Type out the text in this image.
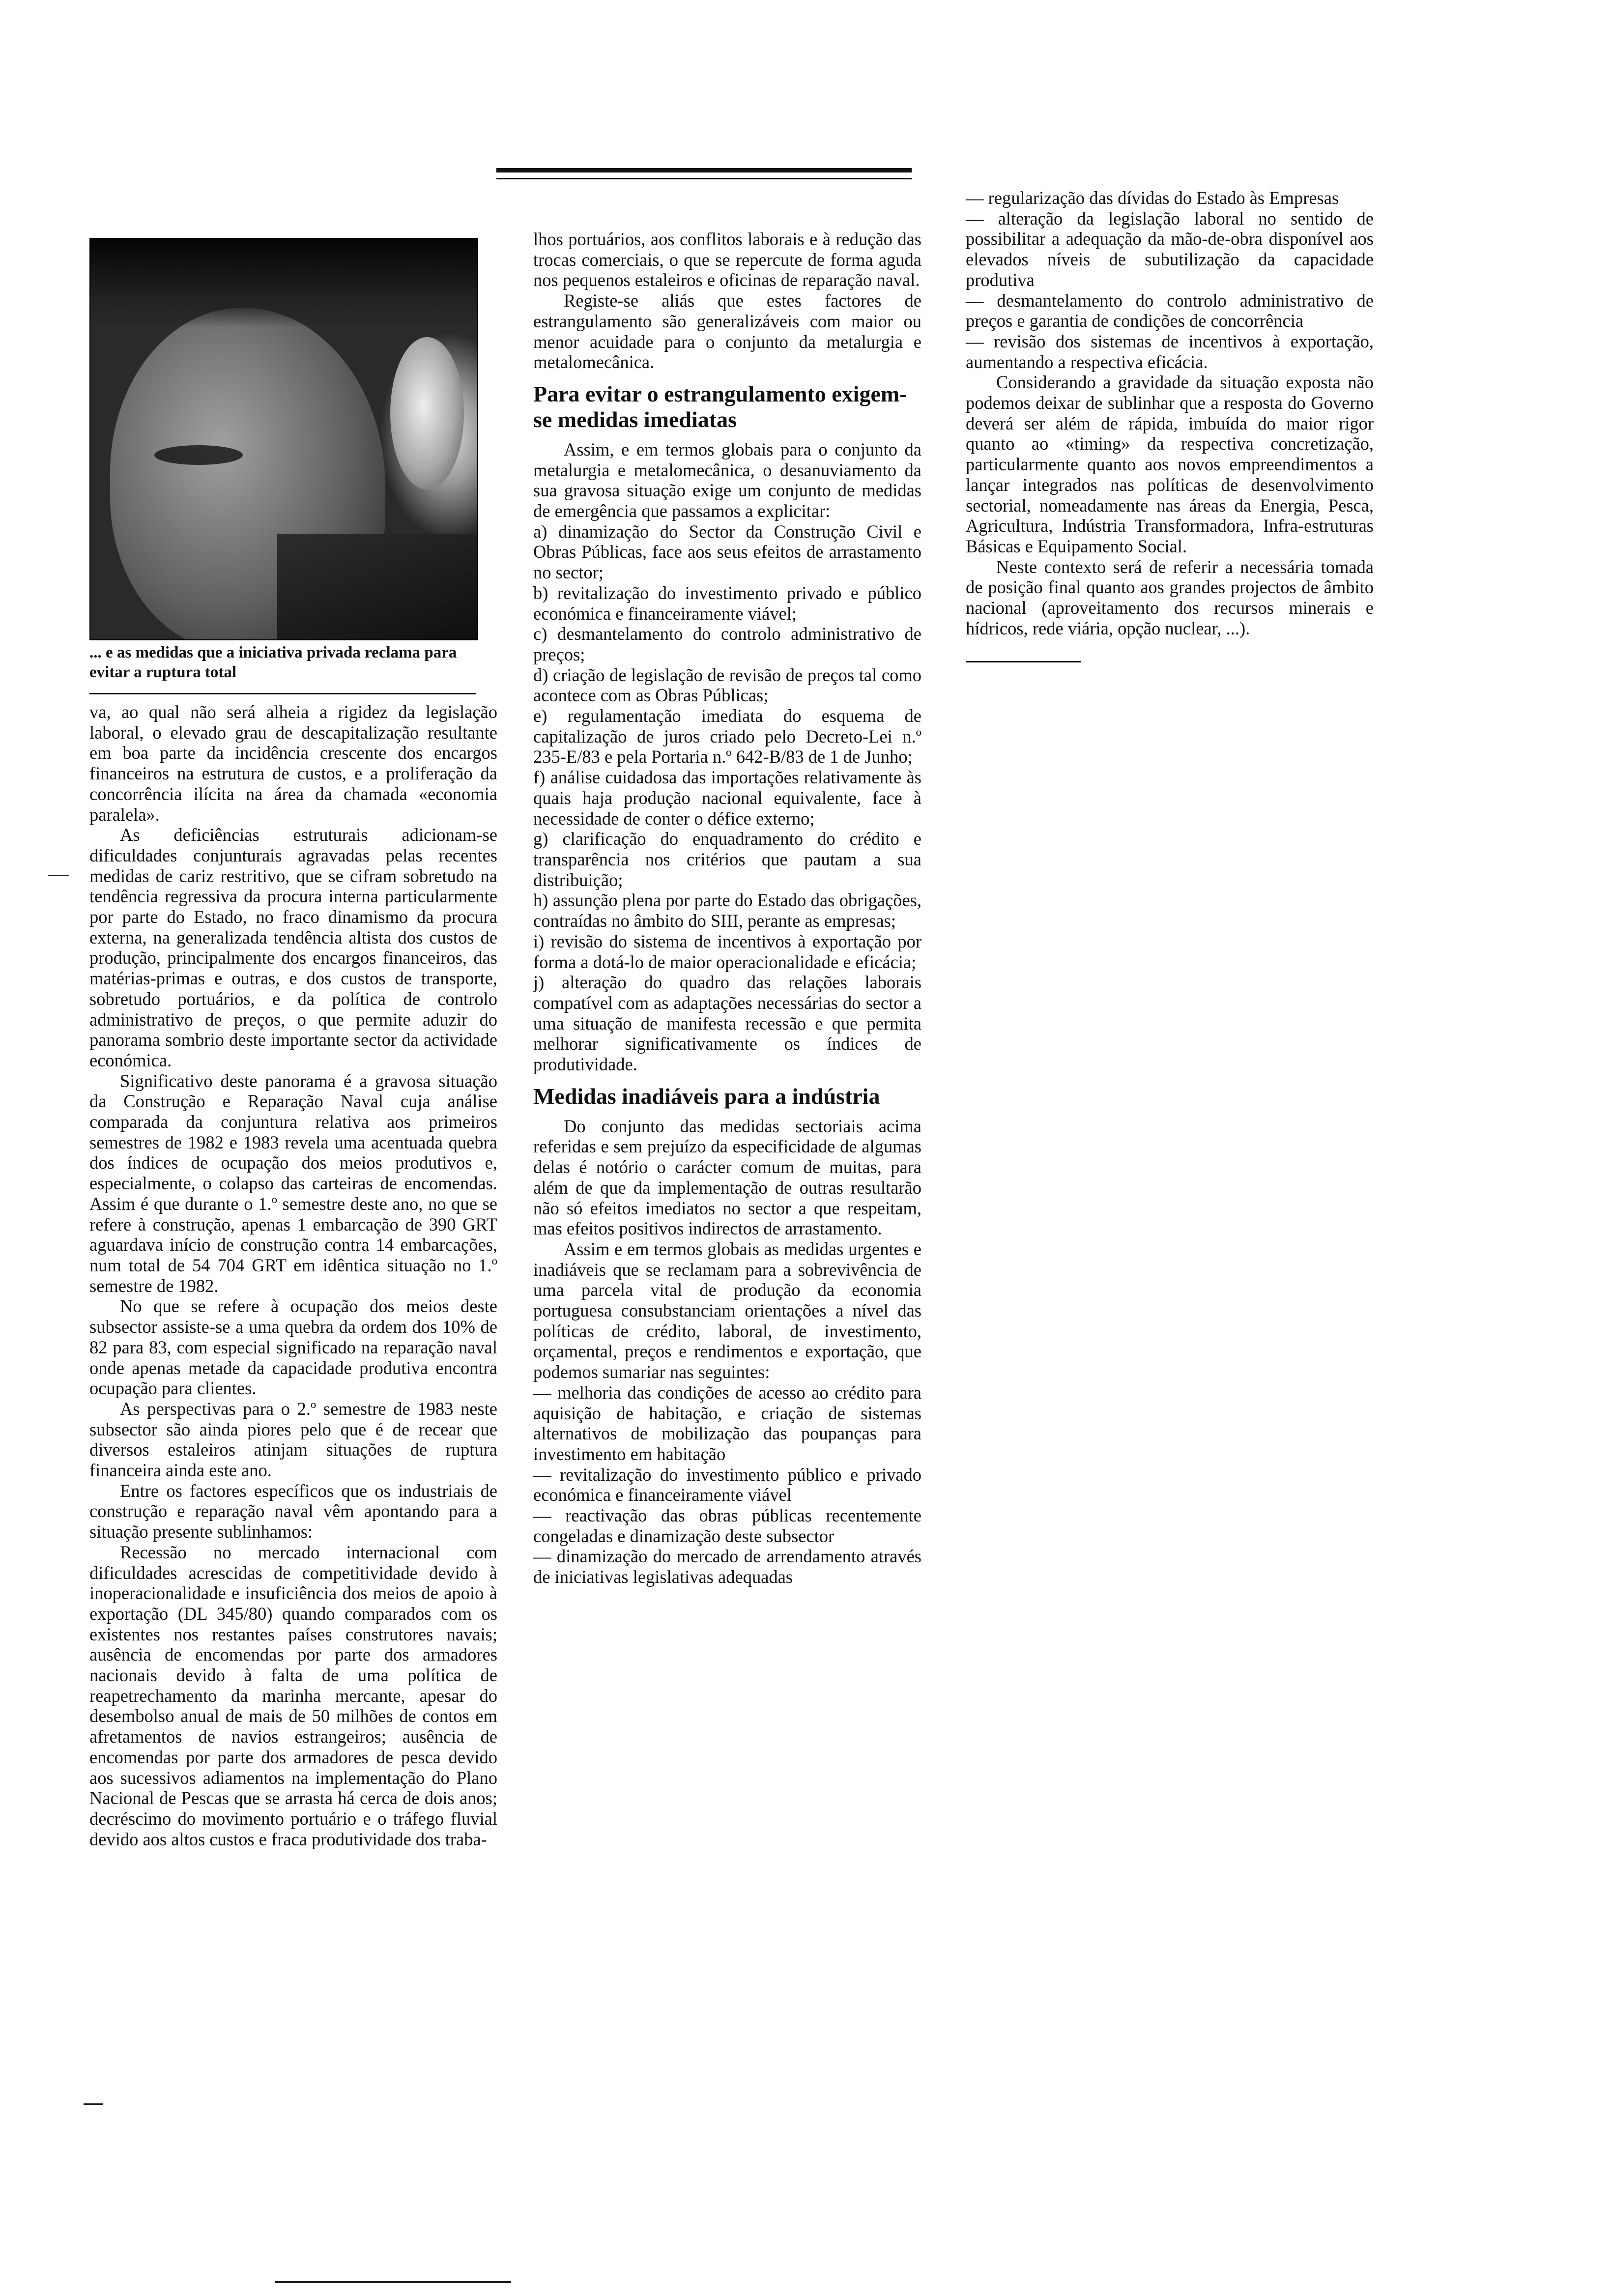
... e as medidas que a iniciativa privada reclama para evitar a ruptura total

va, ao qual não será alheia a rigidez da legislação laboral, o elevado grau de descapitalização resultante em boa parte da incidência crescente dos encargos financeiros na estrutura de custos, e a proliferação da concorrência ilícita na área da chamada «economia paralela».

As deficiências estruturais adicionam-se dificuldades conjunturais agravadas pelas recentes medidas de cariz restritivo, que se cifram sobretudo na tendência regressiva da procura interna particularmente por parte do Estado, no fraco dinamismo da procura externa, na generalizada tendência altista dos custos de produção, principalmente dos encargos financeiros, das matérias-primas e outras, e dos custos de transporte, sobretudo portuários, e da política de controlo administrativo de preços, o que permite aduzir do panorama sombrio deste importante sector da actividade económica.

Significativo deste panorama é a gravosa situação da Construção e Reparação Naval cuja análise comparada da conjuntura relativa aos primeiros semestres de 1982 e 1983 revela uma acentuada quebra dos índices de ocupação dos meios produtivos e, especialmente, o colapso das carteiras de encomendas. Assim é que durante o 1.º semestre deste ano, no que se refere à construção, apenas 1 embarcação de 390 GRT aguardava início de construção contra 14 embarcações, num total de 54 704 GRT em idêntica situação no 1.º semestre de 1982.

No que se refere à ocupação dos meios deste subsector assiste-se a uma quebra da ordem dos 10% de 82 para 83, com especial significado na reparação naval onde apenas metade da capacidade produtiva encontra ocupação para clientes.

As perspectivas para o 2.º semestre de 1983 neste subsector são ainda piores pelo que é de recear que diversos estaleiros atinjam situações de ruptura financeira ainda este ano.

Entre os factores específicos que os industriais de construção e reparação naval vêm apontando para a situação presente sublinhamos:

Recessão no mercado internacional com dificuldades acrescidas de competitividade devido à inoperacionalidade e insuficiência dos meios de apoio à exportação (DL 345/80) quando comparados com os existentes nos restantes países construtores navais; ausência de encomendas por parte dos armadores nacionais devido à falta de uma política de reapetrechamento da marinha mercante, apesar do desembolso anual de mais de 50 milhões de contos em afretamentos de navios estrangeiros; ausência de encomendas por parte dos armadores de pesca devido aos sucessivos adiamentos na implementação do Plano Nacional de Pescas que se arrasta há cerca de dois anos; decréscimo do movimento portuário e o tráfego fluvial devido aos altos custos e fraca produtividade dos traba-

lhos portuários, aos conflitos laborais e à redução das trocas comerciais, o que se repercute de forma aguda nos pequenos estaleiros e oficinas de reparação naval.

Registe-se aliás que estes factores de estrangulamento são generalizáveis com maior ou menor acuidade para o conjunto da metalurgia e metalomecânica.

Para evitar o estrangulamento exigem-se medidas imediatas

Assim, e em termos globais para o conjunto da metalurgia e metalomecânica, o desanuviamento da sua gravosa situação exige um conjunto de medidas de emergência que passamos a explicitar:

a) dinamização do Sector da Construção Civil e Obras Públicas, face aos seus efeitos de arrastamento no sector;

b) revitalização do investimento privado e público económica e financeiramente viável;

c) desmantelamento do controlo administrativo de preços;

d) criação de legislação de revisão de preços tal como acontece com as Obras Públicas;

e) regulamentação imediata do esquema de capitalização de juros criado pelo Decreto-Lei n.º 235-E/83 e pela Portaria n.º 642-B/83 de 1 de Junho;

f) análise cuidadosa das importações relativamente às quais haja produção nacional equivalente, face à necessidade de conter o défice externo;

g) clarificação do enquadramento do crédito e transparência nos critérios que pautam a sua distribuição;

h) assunção plena por parte do Estado das obrigações, contraídas no âmbito do SIII, perante as empresas;

i) revisão do sistema de incentivos à exportação por forma a dotá-lo de maior operacionalidade e eficácia;

j) alteração do quadro das relações laborais compatível com as adaptações necessárias do sector a uma situação de manifesta recessão e que permita melhorar significativamente os índices de produtividade.

Medidas inadiáveis para a indústria

Do conjunto das medidas sectoriais acima referidas e sem prejuízo da especificidade de algumas delas é notório o carácter comum de muitas, para além de que da implementação de outras resultarão não só efeitos imediatos no sector a que respeitam, mas efeitos positivos indirectos de arrastamento.

Assim e em termos globais as medidas urgentes e inadiáveis que se reclamam para a sobrevivência de uma parcela vital de produção da economia portuguesa consubstanciam orientações a nível das políticas de crédito, laboral, de investimento, orçamental, preços e rendimentos e exportação, que podemos sumariar nas seguintes:

— melhoria das condições de acesso ao crédito para aquisição de habitação, e criação de sistemas alternativos de mobilização das poupanças para investimento em habitação

— revitalização do investimento público e privado económica e financeiramente viável

— reactivação das obras públicas recentemente congeladas e dinamização deste subsector

— dinamização do mercado de arrendamento através de iniciativas legislativas adequadas

— regularização das dívidas do Estado às Empresas

— alteração da legislação laboral no sentido de possibilitar a adequação da mão-de-obra disponível aos elevados níveis de subutilização da capacidade produtiva

— desmantelamento do controlo administrativo de preços e garantia de condições de concorrência

— revisão dos sistemas de incentivos à exportação, aumentando a respectiva eficácia.

Considerando a gravidade da situação exposta não podemos deixar de sublinhar que a resposta do Governo deverá ser além de rápida, imbuída do maior rigor quanto ao «timing» da respectiva concretização, particularmente quanto aos novos empreendimentos a lançar integrados nas políticas de desenvolvimento sectorial, nomeadamente nas áreas da Energia, Pesca, Agricultura, Indústria Transformadora, Infra-estruturas Básicas e Equipamento Social.

Neste contexto será de referir a necessária tomada de posição final quanto aos grandes projectos de âmbito nacional (aproveitamento dos recursos minerais e hídricos, rede viária, opção nuclear, ...).
